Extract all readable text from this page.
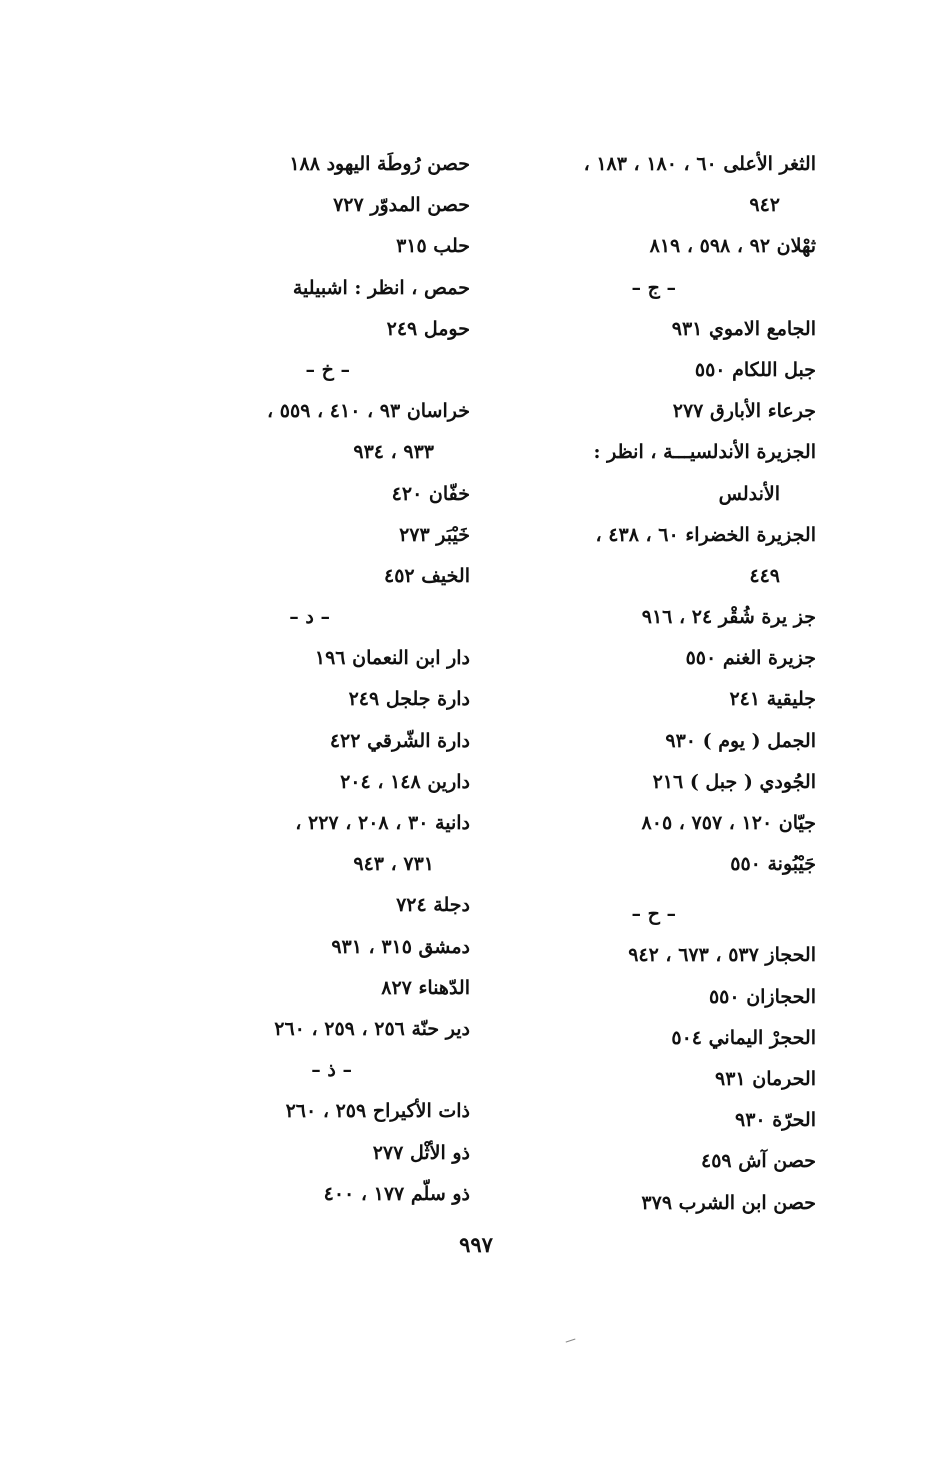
الثغر الأعلى ٦٠ ، ١٨٠ ، ١٨٣ ،
٩٤٢
ثهْلان ٩٢ ، ٥٩٨ ، ٨١٩
– ج –
الجامع الاموي ٩٣١
جبل اللكام ٥٥٠
جرعاء الأبارق ٢٧٧
الجزيرة الأندلسيـــة ، انظر :
الأندلس
الجزيرة الخضراء ٦٠ ، ٤٣٨ ،
٤٤٩
جز يرة شُقْر ٢٤ ، ٩١٦
جزيرة الغنم ٥٥٠
جليقية ٢٤١
الجمل ( يوم ) ٩٣٠
الجُودي ( جبل ) ٢١٦
جيّان ١٢٠ ، ٧٥٧ ، ٨٠٥
جَيْبُونة ٥٥٠
– ح –
الحجاز ٥٣٧ ، ٦٧٣ ، ٩٤٢
الحجازان ٥٥٠
الحجرْ اليماني ٥٠٤
الحرمان ٩٣١
الحرّة ٩٣٠
حصن آش ٤٥٩
حصن ابن الشرب ٣٧٩
حصن رُوطَة اليهود ١٨٨
حصن المدوّر ٧٢٧
حلب ٣١٥
حمص ، انظر : اشبيلية
حومل ٢٤٩
– خ –
خراسان ٩٣ ، ٤١٠ ، ٥٥٩ ،
٩٣٣ ، ٩٣٤
خفّان ٤٢٠
خَيْبَر ٢٧٣
الخيف ٤٥٢
– د –
دار ابن النعمان ١٩٦
دارة جلجل ٢٤٩
دارة الشّرقي ٤٢٢
دارين ١٤٨ ، ٢٠٤
دانية ٣٠ ، ٢٠٨ ، ٢٢٧ ،
٧٣١ ، ٩٤٣
دجلة ٧٢٤
دمشق ٣١٥ ، ٩٣١
الدّهناء ٨٢٧
دير حنّة ٢٥٦ ، ٢٥٩ ، ٢٦٠
– ذ –
ذات الأكيراح ٢٥٩ ، ٢٦٠
ذو الأثْل ٢٧٧
ذو سلّم ١٧٧ ، ٤٠٠
٩٩٧
